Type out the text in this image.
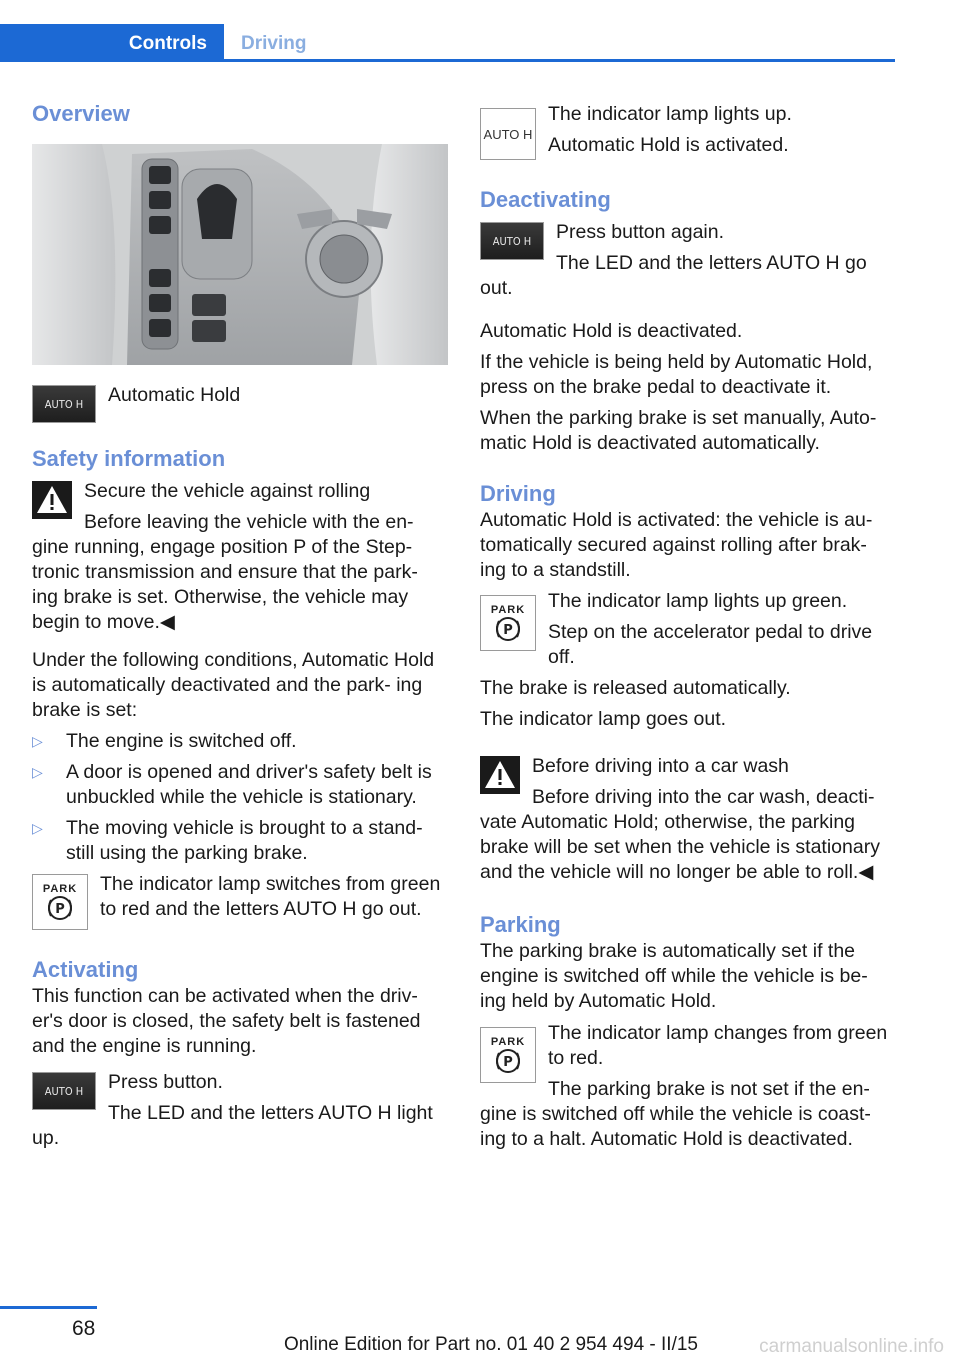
Controls	Driving
Overview
AUTO H Automatic Hold
Safety information

Secure the vehicle against rolling

Before leaving the vehicle with the en‐

gine running, engage position P of the Step‐ tronic transmission and ensure that the park‐ ing brake is set. Otherwise, the vehicle may begin to move.◀

Under the following conditions, Automatic Hold is automatically deactivated and the park‐ ing brake is set:

▷ The engine is switched off.
▷ A door is opened and driver's safety belt is unbuckled while the vehicle is stationary.
▷ The moving vehicle is brought to a stand‐ still using the parking brake.
PARK
P
The indicator lamp switches from green to red and the letters AUTO H go out.
Activating

This function can be activated when the driv‐ er's door is closed, the safety belt is fastened and the engine is running.

AUTO H Press button.

The LED and the letters AUTO H light

up.

AUTO H

The indicator lamp lights up.

Automatic Hold is activated.

Deactivating
AUTO H Press button again.

The LED and the letters AUTO H go

out.

Automatic Hold is deactivated.

If the vehicle is being held by Automatic Hold, press on the brake pedal to deactivate it.

When the parking brake is set manually, Auto‐ matic Hold is deactivated automatically.

Driving

Automatic Hold is activated: the vehicle is au‐ tomatically secured against rolling after brak‐ ing to a standstill.

PARK
P

The indicator lamp lights up green.

Step on the accelerator pedal to drive off.

The brake is released automatically.

The indicator lamp goes out.

Before driving into a car wash

Before driving into the car wash, deacti‐

vate Automatic Hold; otherwise, the parking brake will be set when the vehicle is stationary and the vehicle will no longer be able to roll.◀

Parking

The parking brake is automatically set if the engine is switched off while the vehicle is be‐ ing held by Automatic Hold.

PARK
P

The indicator lamp changes from green to red.

The parking brake is not set if the en‐

gine is switched off while the vehicle is coast‐ ing to a halt. Automatic Hold is deactivated.

68
Online Edition for Part no. 01 40 2 954 494 - II/15	carmanualsonline.info
